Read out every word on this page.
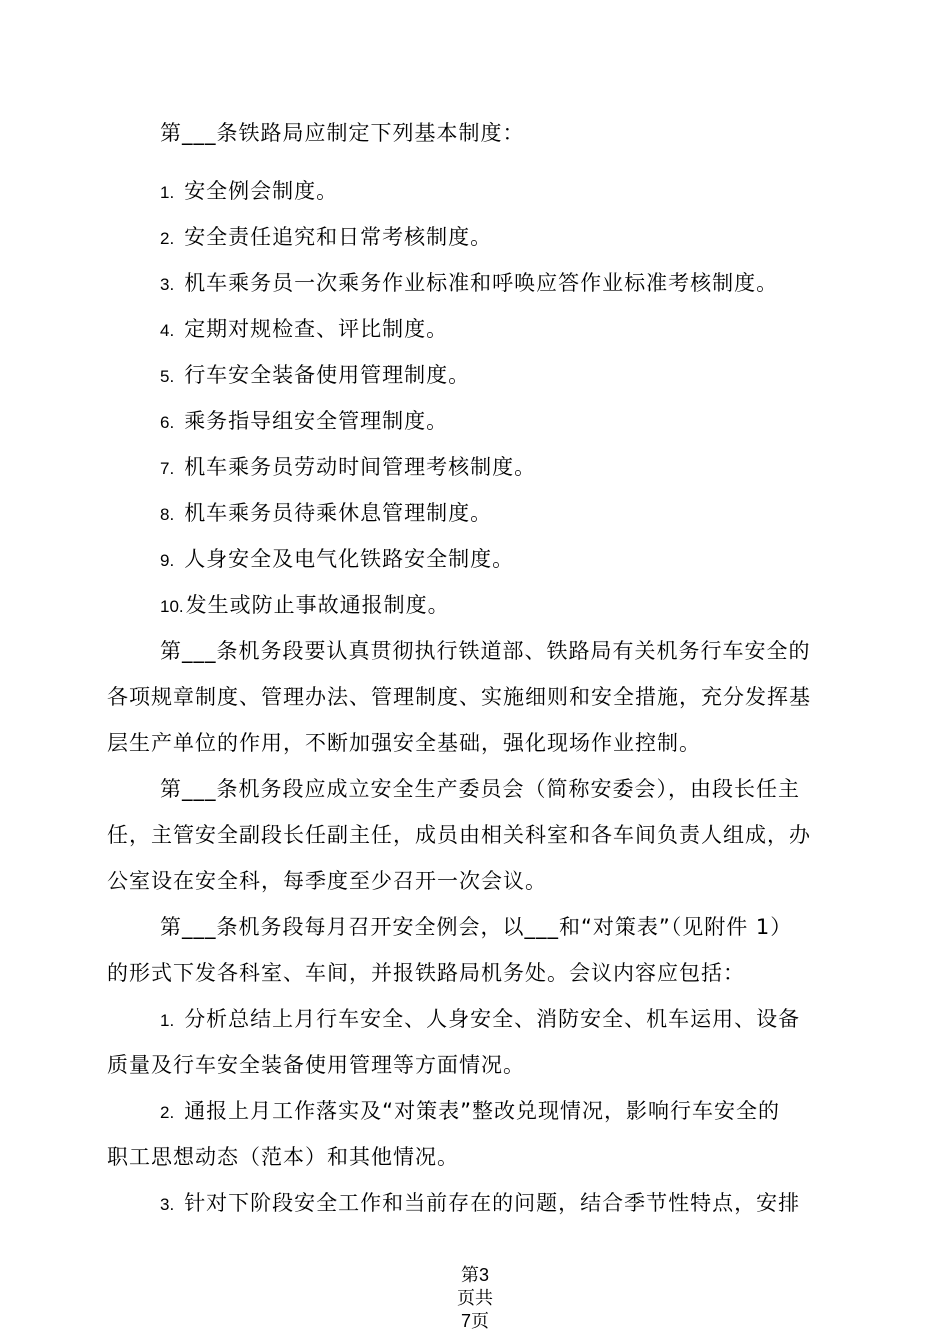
第___条铁路局应制定下列基本制度：
1. 安全例会制度。
2. 安全责任追究和日常考核制度。
3. 机车乘务员一次乘务作业标准和呼唤应答作业标准考核制度。
4. 定期对规检查、评比制度。
5. 行车安全装备使用管理制度。
6. 乘务指导组安全管理制度。
7. 机车乘务员劳动时间管理考核制度。
8. 机车乘务员待乘休息管理制度。
9. 人身安全及电气化铁路安全制度。
10.发生或防止事故通报制度。
第___条机务段要认真贯彻执行铁道部、铁路局有关机务行车安全的
各项规章制度、管理办法、管理制度、实施细则和安全措施，充分发挥基
层生产单位的作用，不断加强安全基础，强化现场作业控制。
第___条机务段应成立安全生产委员会（简称安委会），由段长任主
任，主管安全副段长任副主任，成员由相关科室和各车间负责人组成，办
公室设在安全科，每季度至少召开一次会议。
第___条机务段每月召开安全例会，以___和“对策表”（见附件 1）
的形式下发各科室、车间，并报铁路局机务处。会议内容应包括：
1. 分析总结上月行车安全、人身安全、消防安全、机车运用、设备
质量及行车安全装备使用管理等方面情况。
2. 通报上月工作落实及“对策表”整改兑现情况，影响行车安全的
职工思想动态（范本）和其他情况。
3. 针对下阶段安全工作和当前存在的问题，结合季节性特点，安排
第3
页共
7页
